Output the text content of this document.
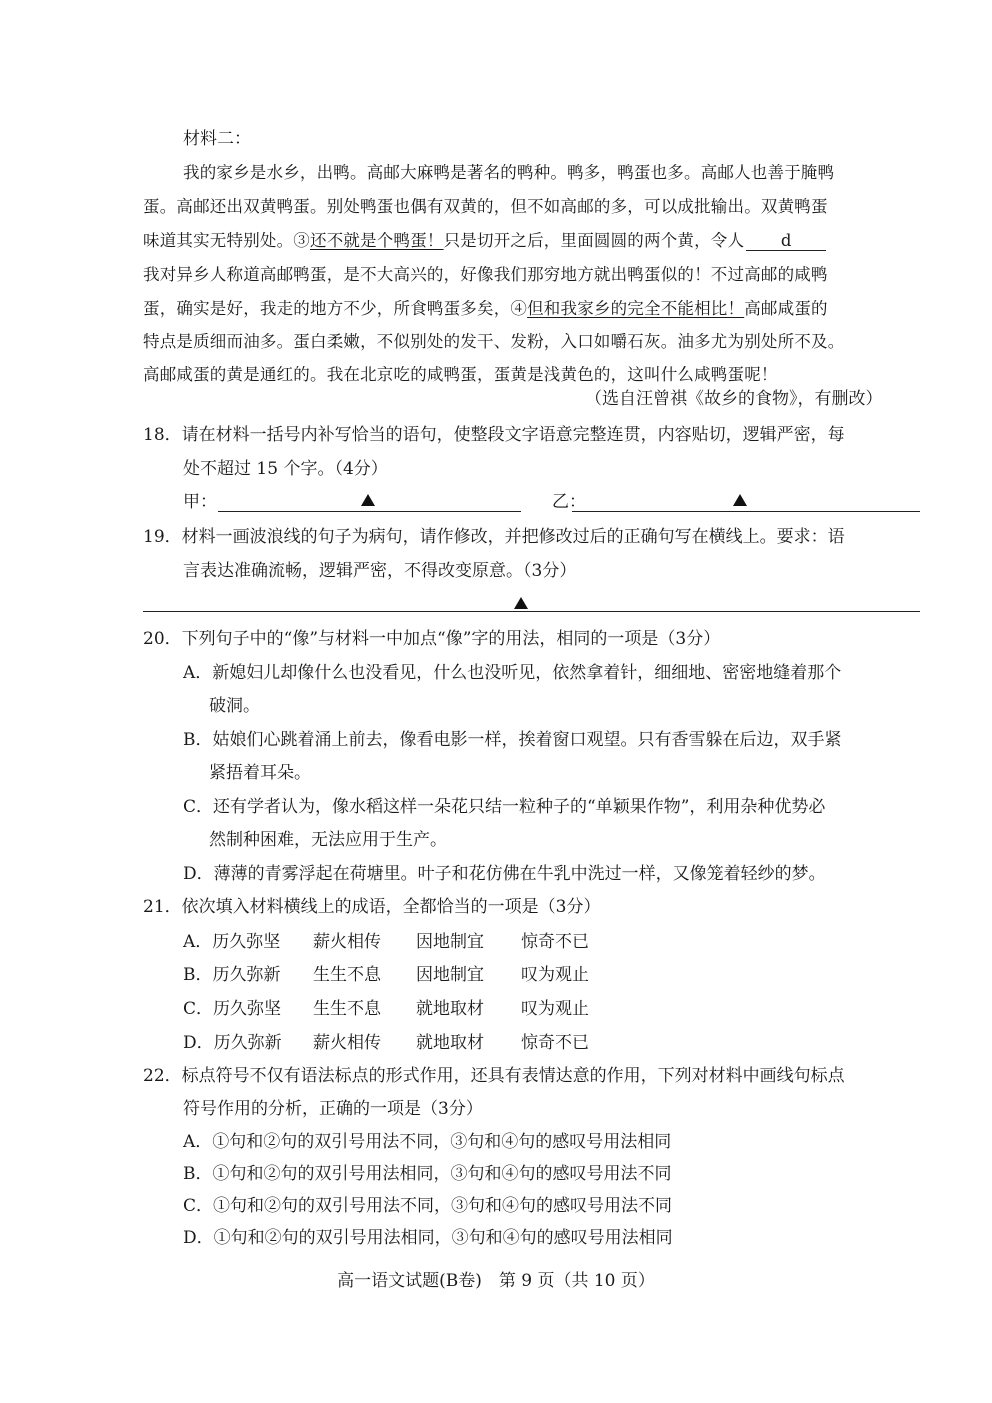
材料二：
我的家乡是水乡，出鸭。高邮大麻鸭是著名的鸭种。鸭多，鸭蛋也多。高邮人也善于腌鸭
蛋。高邮还出双黄鸭蛋。别处鸭蛋也偶有双黄的，但不如高邮的多，可以成批输出。双黄鸭蛋
味道其实无特别处。③还不就是个鸭蛋！只是切开之后，里面圆圆的两个黄，令人 d
我对异乡人称道高邮鸭蛋，是不大高兴的，好像我们那穷地方就出鸭蛋似的！不过高邮的咸鸭
蛋，确实是好，我走的地方不少，所食鸭蛋多矣，④但和我家乡的完全不能相比！高邮咸蛋的
特点是质细而油多。蛋白柔嫩，不似别处的发干、发粉，入口如嚼石灰。油多尤为别处所不及。
高邮咸蛋的黄是通红的。我在北京吃的咸鸭蛋，蛋黄是浅黄色的，这叫什么咸鸭蛋呢！
（选自汪曾祺《故乡的食物》，有删改）
18．请在材料一括号内补写恰当的语句，使整段文字语意完整连贯，内容贴切，逻辑严密，每
处不超过 15 个字。（4分）
甲：	乙：
19．材料一画波浪线的句子为病句，请作修改，并把修改过后的正确句写在横线上。要求：语
言表达准确流畅，逻辑严密，不得改变原意。（3分）
20．下列句子中的“像”与材料一中加点“像”字的用法，相同的一项是（3分）
A．新媳妇儿却像什么也没看见，什么也没听见，依然拿着针，细细地、密密地缝着那个
破洞。
B．姑娘们心跳着涌上前去，像看电影一样，挨着窗口观望。只有香雪躲在后边，双手紧
紧捂着耳朵。
C．还有学者认为，像水稻这样一朵花只结一粒种子的“单颖果作物”，利用杂种优势必
然制种困难，无法应用于生产。
D．薄薄的青雾浮起在荷塘里。叶子和花仿佛在牛乳中洗过一样，又像笼着轻纱的梦。
21．依次填入材料横线上的成语，全都恰当的一项是（3分）
A．历久弥坚	薪火相传	因地制宜	惊奇不已
B．历久弥新	生生不息	因地制宜	叹为观止
C．历久弥坚	生生不息	就地取材	叹为观止
D．历久弥新	薪火相传	就地取材	惊奇不已
22．标点符号不仅有语法标点的形式作用，还具有表情达意的作用，下列对材料中画线句标点
符号作用的分析，正确的一项是（3分）
A．①句和②句的双引号用法不同，③句和④句的感叹号用法相同
B．①句和②句的双引号用法相同，③句和④句的感叹号用法不同
C．①句和②句的双引号用法不同，③句和④句的感叹号用法不同
D．①句和②句的双引号用法相同，③句和④句的感叹号用法相同
高一语文试题(B卷)　第 9 页（共 10 页）
